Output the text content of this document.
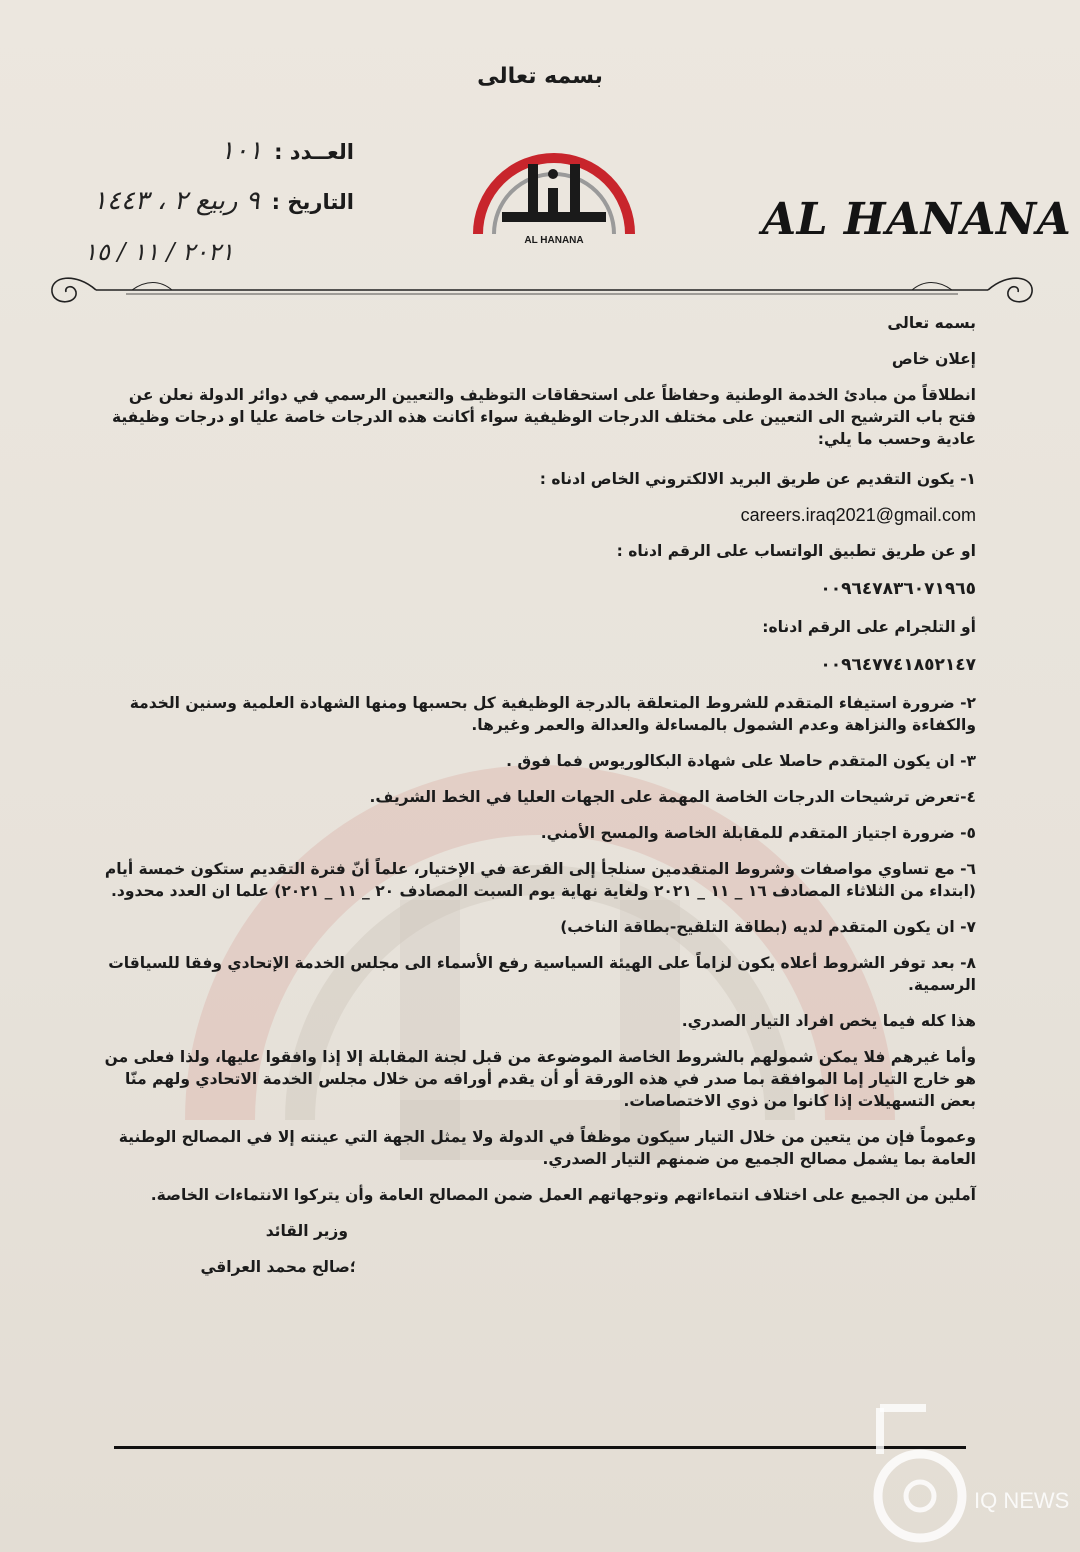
بسمه تعالى
AL HANANA	AL HANANA
العــدد :
١٠١
التاريخ :
٩ ربيع ٢ ، ١٤٤٣
٢٠٢١ / ١١ / ١٥

بسمه تعالى

إعلان خاص

انطلاقاً من مبادئ الخدمة الوطنية وحفاظاً على استحقاقات التوظيف والتعيين الرسمي في دوائر الدولة نعلن عن فتح باب الترشيح الى التعيين على مختلف الدرجات الوظيفية سواء أكانت هذه الدرجات خاصة عليا او درجات وظيفية عادية وحسب ما يلي:

١- يكون التقديم عن طريق البريد الالكتروني الخاص ادناه :

careers.iraq2021@gmail.com

او عن طريق تطبيق الواتساب على الرقم ادناه :

٠٠٩٦٤٧٨٣٦٠٧١٩٦٥

أو التلجرام على الرقم ادناه:

٠٠٩٦٤٧٧٤١٨٥٢١٤٧

٢- ضرورة استيفاء المتقدم للشروط المتعلقة بالدرجة الوظيفية كل بحسبها ومنها الشهادة العلمية وسنين الخدمة والكفاءة والنزاهة وعدم الشمول بالمساءلة والعدالة والعمر وغيرها.

٣- ان يكون المتقدم حاصلا على شهادة البكالوريوس فما فوق .

٤-تعرض ترشيحات الدرجات الخاصة المهمة على الجهات العليا في الخط الشريف.

٥- ضرورة اجتياز المتقدم للمقابلة الخاصة والمسح الأمني.

٦- مع تساوي مواصفات وشروط المتقدمين سنلجأ إلى القرعة في الإختيار، علماً أنّ فترة التقديم ستكون خمسة أيام (ابتداء من الثلاثاء المصادف ١٦ _ ١١ _ ٢٠٢١ ولغاية نهاية يوم السبت المصادف ٢٠ _ ١١ _ ٢٠٢١) علما ان العدد محدود.

٧- ان يكون المتقدم لديه (بطاقة التلقيح-بطاقة الناخب)

٨- بعد توفر الشروط أعلاه يكون لزاماً على الهيئة السياسية رفع الأسماء الى مجلس الخدمة الإتحادي وفقا للسياقات الرسمية.

هذا كله فيما يخص افراد التيار الصدري.

وأما غيرهم فلا يمكن شمولهم بالشروط الخاصة الموضوعة من قبل لجنة المقابلة إلا إذا وافقوا عليها، ولذا فعلى من هو خارج التيار إما الموافقة بما صدر في هذه الورقة أو أن يقدم أوراقه من خلال مجلس الخدمة الاتحادي ولهم منّا بعض التسهيلات إذا كانوا من ذوي الاختصاصات.

وعموماً فإن من يتعين من خلال التيار سيكون موظفاً في الدولة ولا يمثل الجهة التي عينته إلا في المصالح الوطنية العامة بما يشمل مصالح الجميع من ضمنهم التيار الصدري.

آملين من الجميع على اختلاف انتماءاتهم وتوجهاتهم العمل ضمن المصالح العامة وأن يتركوا الانتماءات الخاصة.

وزير القائد

؛صالح محمد العراقي

IQ NEWS
